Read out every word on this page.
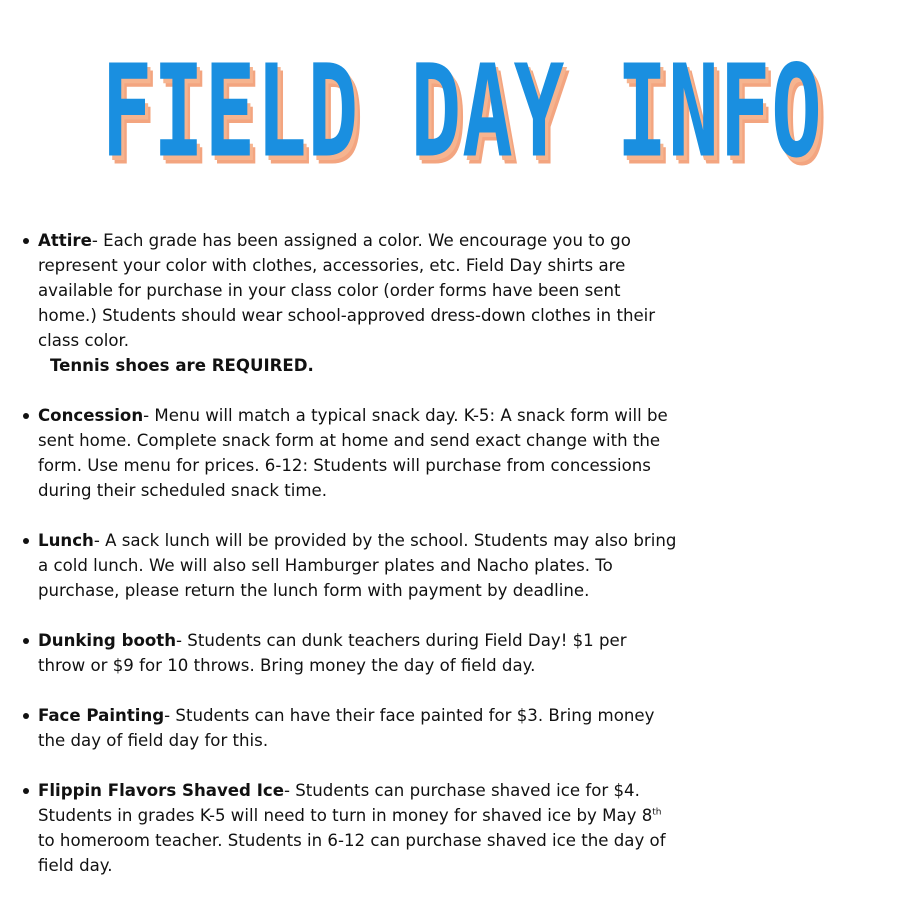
FIELD DAY INFO
Attire- Each grade has been assigned a color. We encourage you to go represent your color with clothes, accessories, etc. Field Day shirts are available for purchase in your class color (order forms have been sent home.) Students should wear school-approved dress-down clothes in their class color.
Tennis shoes are REQUIRED.
Concession- Menu will match a typical snack day. K-5: A snack form will be sent home. Complete snack form at home and send exact change with the form. Use menu for prices. 6-12: Students will purchase from concessions during their scheduled snack time.
Lunch- A sack lunch will be provided by the school. Students may also bring a cold lunch. We will also sell Hamburger plates and Nacho plates. To purchase, please return the lunch form with payment by deadline.
Dunking booth- Students can dunk teachers during Field Day! $1 per throw or $9 for 10 throws. Bring money the day of field day.
Face Painting- Students can have their face painted for $3. Bring money the day of field day for this.
Flippin Flavors Shaved Ice- Students can purchase shaved ice for $4. Students in grades K-5 will need to turn in money for shaved ice by May 8th to homeroom teacher. Students in 6-12 can purchase shaved ice the day of field day.
